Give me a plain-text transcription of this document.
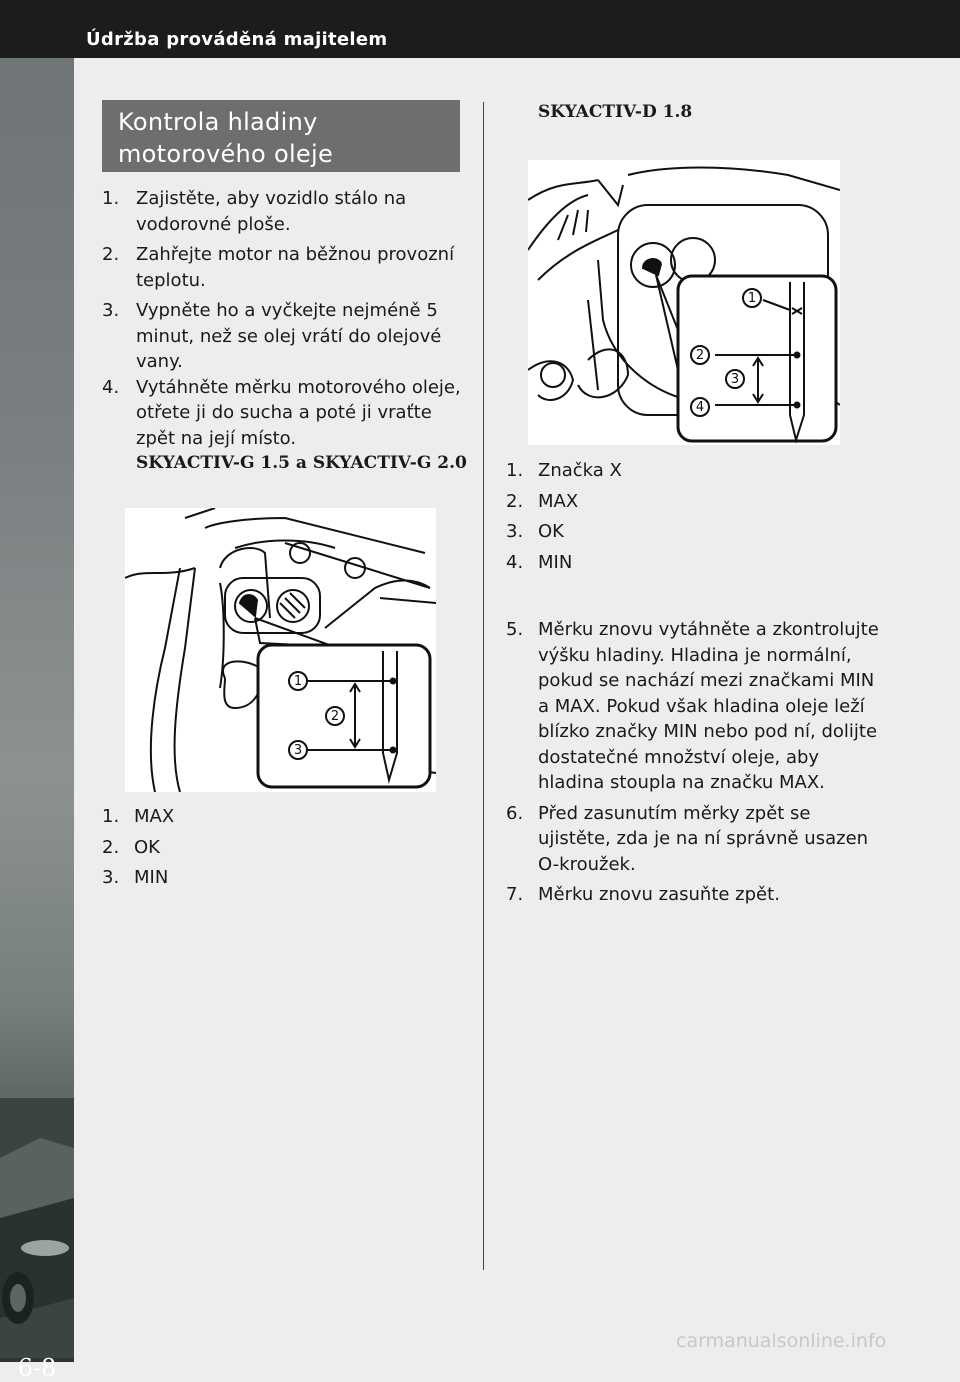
Údržba prováděná majitelem
6-8
Kontrola hladiny motorového oleje
1. Zajistěte, aby vozidlo stálo na vodorovné ploše.
2. Zahřejte motor na běžnou provozní teplotu.
3. Vypněte ho a vyčkejte nejméně 5 minut, než se olej vrátí do olejové vany.
4. Vytáhněte měrku motorového oleje, otřete ji do sucha a poté ji vraťte zpět na její místo.
SKYACTIV-G 1.5 a SKYACTIV-G 2.0
1
2
3
1. MAX
2. OK
3. MIN
SKYACTIV-D 1.8
1
2
3
4
1. Značka X
2. MAX
3. OK
4. MIN
5. Měrku znovu vytáhněte a zkontrolujte výšku hladiny. Hladina je normální, pokud se nachází mezi značkami MIN a MAX. Pokud však hladina oleje leží blízko značky MIN nebo pod ní, dolijte dostatečné množství oleje, aby hladina stoupla na značku MAX.
6. Před zasunutím měrky zpět se ujistěte, zda je na ní správně usazen O-kroužek.
7. Měrku znovu zasuňte zpět.
carmanualsonline.info
